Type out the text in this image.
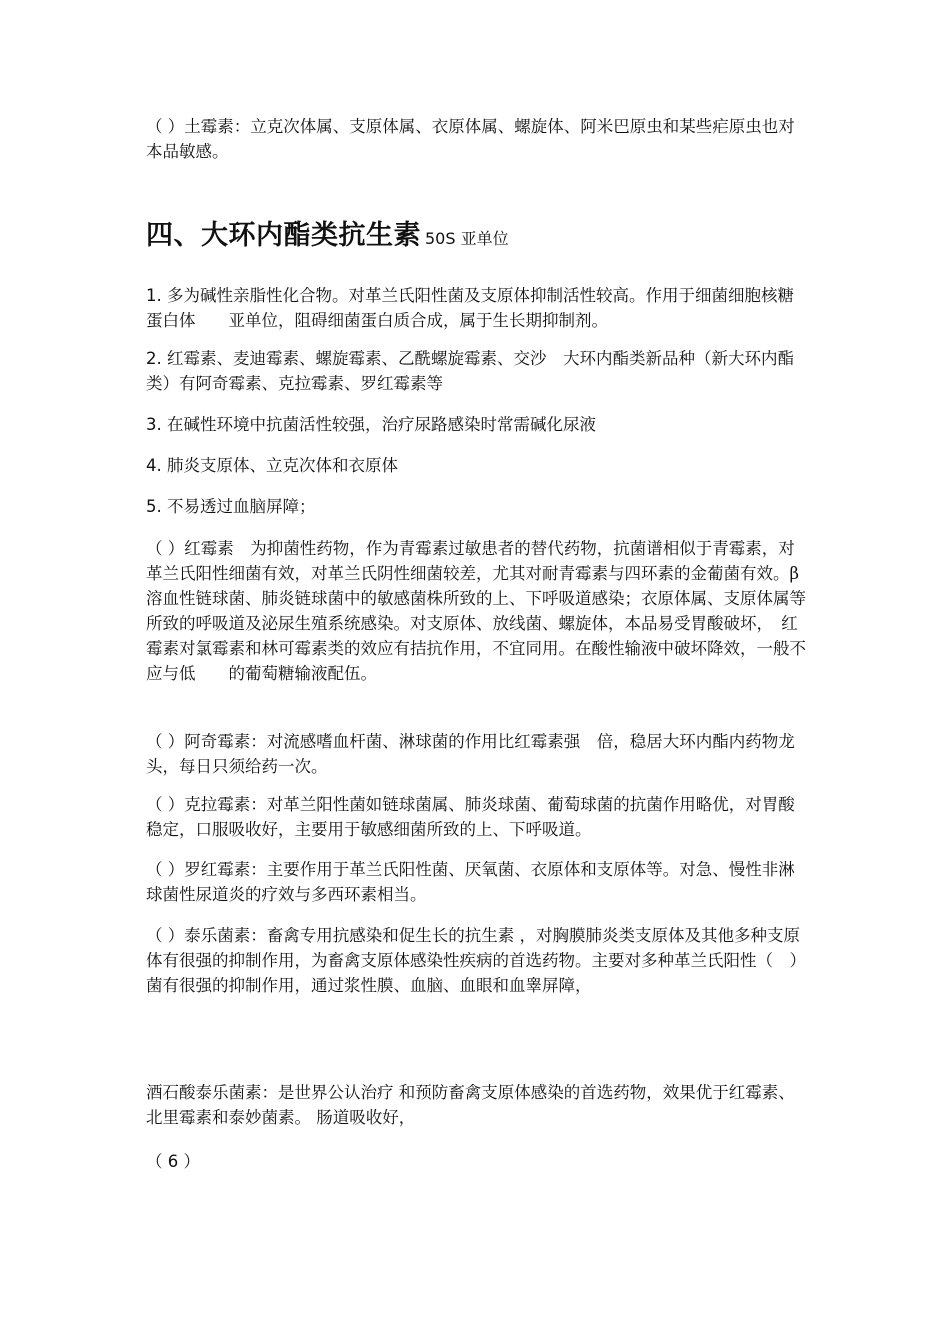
（ ）土霉素：立克次体属、支原体属、衣原体属、螺旋体、阿米巴原虫和某些疟原虫也对本品敏感。

四、大环内酯类抗生素 50S 亚单位

1. 多为碱性亲脂性化合物。对革兰氏阳性菌及支原体抑制活性较高。作用于细菌细胞核糖蛋白体　　亚单位，阻碍细菌蛋白质合成，属于生长期抑制剂。

2. 红霉素、麦迪霉素、螺旋霉素、乙酰螺旋霉素、交沙　大环内酯类新品种（新大环内酯类）有阿奇霉素、克拉霉素、罗红霉素等

3. 在碱性环境中抗菌活性较强，治疗尿路感染时常需碱化尿液

4. 肺炎支原体、立克次体和衣原体

5. 不易透过血脑屏障；

（ ）红霉素　为抑菌性药物，作为青霉素过敏患者的替代药物，抗菌谱相似于青霉素，对革兰氏阳性细菌有效，对革兰氏阴性细菌较差，尤其对耐青霉素与四环素的金葡菌有效。β 溶血性链球菌、肺炎链球菌中的敏感菌株所致的上、下呼吸道感染；衣原体属、支原体属等所致的呼吸道及泌尿生殖系统感染。对支原体、放线菌、螺旋体，本品易受胃酸破坏，　红霉素对氯霉素和林可霉素类的效应有拮抗作用，不宜同用。在酸性输液中破坏降效，一般不应与低　　的葡萄糖输液配伍。

（ ）阿奇霉素：对流感嗜血杆菌、淋球菌的作用比红霉素强　倍，稳居大环内酯内药物龙头，每日只须给药一次。

（ ）克拉霉素：对革兰阳性菌如链球菌属、肺炎球菌、葡萄球菌的抗菌作用略优，对胃酸稳定，口服吸收好，主要用于敏感细菌所致的上、下呼吸道。

（ ）罗红霉素：主要作用于革兰氏阳性菌、厌氧菌、衣原体和支原体等。对急、慢性非淋球菌性尿道炎的疗效与多西环素相当。

（ ）泰乐菌素：畜禽专用抗感染和促生长的抗生素 ，对胸膜肺炎类支原体及其他多种支原体有很强的抑制作用，为畜禽支原体感染性疾病的首选药物。主要对多种革兰氏阳性（　）菌有很强的抑制作用，通过浆性膜、血脑、血眼和血睾屏障，

酒石酸泰乐菌素：是世界公认治疗 和预防畜禽支原体感染的首选药物，效果优于红霉素、北里霉素和泰妙菌素。 肠道吸收好，

（ 6 ）
